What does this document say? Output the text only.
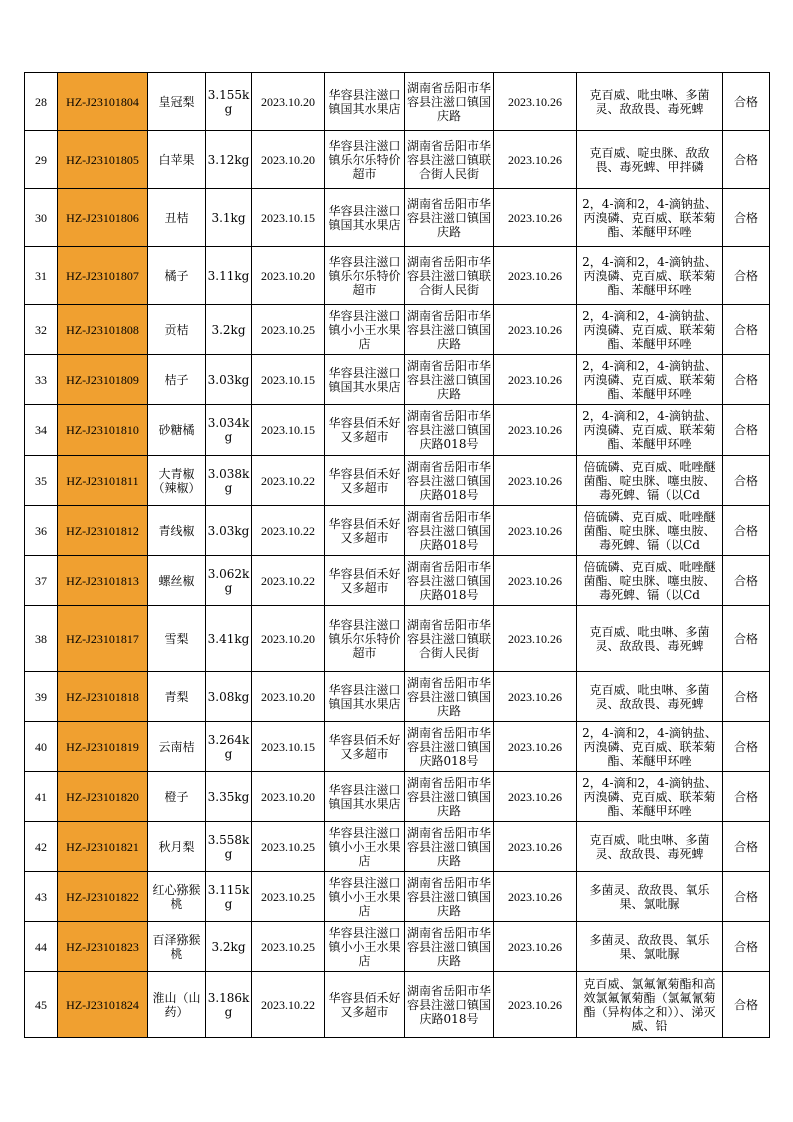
28	HZ-J23101804	皇冠梨	3.155kg	2023.10.20	华容县注滋口镇国其水果店	湖南省岳阳市华容县注滋口镇国庆路	2023.10.26	克百威、吡虫啉、多菌灵、敌敌畏、毒死蜱	合格
29	HZ-J23101805	白苹果	3.12kg	2023.10.20	华容县注滋口镇乐尔乐特价超市	湖南省岳阳市华容县注滋口镇联合街人民街	2023.10.26	克百威、啶虫脒、敌敌畏、毒死蜱、甲拌磷	合格
30	HZ-J23101806	丑桔	3.1kg	2023.10.15	华容县注滋口镇国其水果店	湖南省岳阳市华容县注滋口镇国庆路	2023.10.26	2，4-滴和2，4-滴钠盐、丙溴磷、克百威、联苯菊酯、苯醚甲环唑	合格
31	HZ-J23101807	橘子	3.11kg	2023.10.20	华容县注滋口镇乐尔乐特价超市	湖南省岳阳市华容县注滋口镇联合街人民街	2023.10.26	2，4-滴和2，4-滴钠盐、丙溴磷、克百威、联苯菊酯、苯醚甲环唑	合格
32	HZ-J23101808	贡桔	3.2kg	2023.10.25	华容县注滋口镇小小王水果店	湖南省岳阳市华容县注滋口镇国庆路	2023.10.26	2，4-滴和2，4-滴钠盐、丙溴磷、克百威、联苯菊酯、苯醚甲环唑	合格
33	HZ-J23101809	桔子	3.03kg	2023.10.15	华容县注滋口镇国其水果店	湖南省岳阳市华容县注滋口镇国庆路	2023.10.26	2，4-滴和2，4-滴钠盐、丙溴磷、克百威、联苯菊酯、苯醚甲环唑	合格
34	HZ-J23101810	砂糖橘	3.034kg	2023.10.15	华容县佰禾好又多超市	湖南省岳阳市华容县注滋口镇国庆路018号	2023.10.26	2，4-滴和2，4-滴钠盐、丙溴磷、克百威、联苯菊酯、苯醚甲环唑	合格
35	HZ-J23101811	大青椒（辣椒）	3.038kg	2023.10.22	华容县佰禾好又多超市	湖南省岳阳市华容县注滋口镇国庆路018号	2023.10.26	倍硫磷、克百威、吡唑醚菌酯、啶虫脒、噻虫胺、毒死蜱、镉（以Cd	合格
36	HZ-J23101812	青线椒	3.03kg	2023.10.22	华容县佰禾好又多超市	湖南省岳阳市华容县注滋口镇国庆路018号	2023.10.26	倍硫磷、克百威、吡唑醚菌酯、啶虫脒、噻虫胺、毒死蜱、镉（以Cd	合格
37	HZ-J23101813	螺丝椒	3.062kg	2023.10.22	华容县佰禾好又多超市	湖南省岳阳市华容县注滋口镇国庆路018号	2023.10.26	倍硫磷、克百威、吡唑醚菌酯、啶虫脒、噻虫胺、毒死蜱、镉（以Cd	合格
38	HZ-J23101817	雪梨	3.41kg	2023.10.20	华容县注滋口镇乐尔乐特价超市	湖南省岳阳市华容县注滋口镇联合街人民街	2023.10.26	克百威、吡虫啉、多菌灵、敌敌畏、毒死蜱	合格
39	HZ-J23101818	青梨	3.08kg	2023.10.20	华容县注滋口镇国其水果店	湖南省岳阳市华容县注滋口镇国庆路	2023.10.26	克百威、吡虫啉、多菌灵、敌敌畏、毒死蜱	合格
40	HZ-J23101819	云南桔	3.264kg	2023.10.15	华容县佰禾好又多超市	湖南省岳阳市华容县注滋口镇国庆路018号	2023.10.26	2，4-滴和2，4-滴钠盐、丙溴磷、克百威、联苯菊酯、苯醚甲环唑	合格
41	HZ-J23101820	橙子	3.35kg	2023.10.20	华容县注滋口镇国其水果店	湖南省岳阳市华容县注滋口镇国庆路	2023.10.26	2，4-滴和2，4-滴钠盐、丙溴磷、克百威、联苯菊酯、苯醚甲环唑	合格
42	HZ-J23101821	秋月梨	3.558kg	2023.10.25	华容县注滋口镇小小王水果店	湖南省岳阳市华容县注滋口镇国庆路	2023.10.26	克百威、吡虫啉、多菌灵、敌敌畏、毒死蜱	合格
43	HZ-J23101822	红心猕猴桃	3.115kg	2023.10.25	华容县注滋口镇小小王水果店	湖南省岳阳市华容县注滋口镇国庆路	2023.10.26	多菌灵、敌敌畏、氧乐果、氯吡脲	合格
44	HZ-J23101823	百泽猕猴桃	3.2kg	2023.10.25	华容县注滋口镇小小王水果店	湖南省岳阳市华容县注滋口镇国庆路	2023.10.26	多菌灵、敌敌畏、氧乐果、氯吡脲	合格
45	HZ-J23101824	淮山（山药）	3.186kg	2023.10.22	华容县佰禾好又多超市	湖南省岳阳市华容县注滋口镇国庆路018号	2023.10.26	克百威、氯氟氰菊酯和高效氯氟氰菊酯（氯氟氰菊酯（异构体之和））、涕灭威、铅	合格
